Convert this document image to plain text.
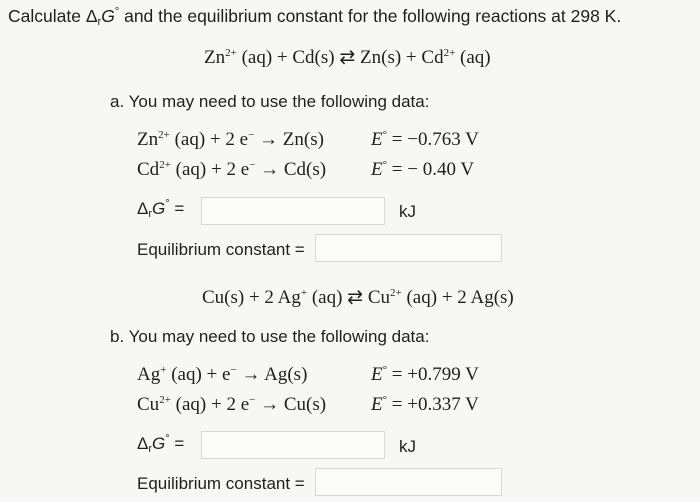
Calculate $\Delta_rG^\circ$ and the equilibrium constant for the following reactions at 298 K.
$Zn^{2+}$ (aq) + Cd(s) ⇄ $Zn(s) + Cd^{2+}$ (aq)
a. You may need to use the following data:
$Zn^{2+}$ (aq) + 2 e− → Zn(s) E° = −0.763 V
$Cd^{2+}$ (aq) + 2 e− → Cd(s) E° = − 0.40 V
$\Delta_rG^\circ$ =	kJ
Equilibrium constant =
Cu(s) + 2 Ag+ (aq) ⇄ $Cu^{2+}$ (aq) + 2 Ag(s)
b. You may need to use the following data:
Ag+ (aq) + e− → Ag(s)	E° = +0.799 V
$Cu^{2+}$ (aq) + 2 e− → Cu(s) E° = +0.337 V
$\Delta_rG^\circ$ =	kJ
Equilibrium constant =
